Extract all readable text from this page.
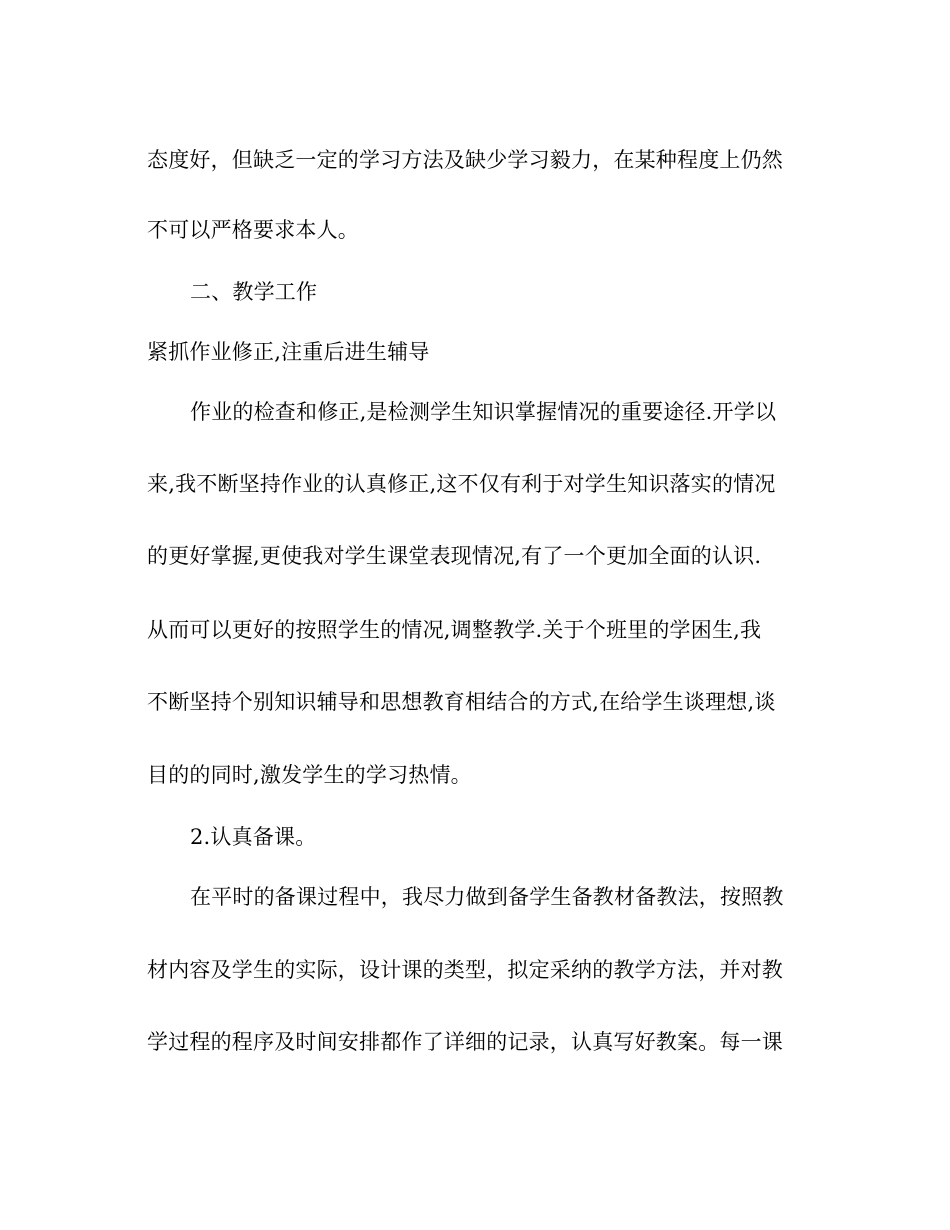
态度好，但缺乏一定的学习方法及缺少学习毅力，在某种程度上仍然
不可以严格要求本人。
二、教学工作
紧抓作业修正,注重后进生辅导
作业的检查和修正,是检测学生知识掌握情况的重要途径.开学以
来,我不断坚持作业的认真修正,这不仅有利于对学生知识落实的情况
的更好掌握,更使我对学生课堂表现情况,有了一个更加全面的认识.
从而可以更好的按照学生的情况,调整教学.关于个班里的学困生,我
不断坚持个别知识辅导和思想教育相结合的方式,在给学生谈理想,谈
目的的同时,激发学生的学习热情。
2.认真备课。
在平时的备课过程中，我尽力做到备学生备教材备教法，按照教
材内容及学生的实际，设计课的类型，拟定采纳的教学方法，并对教
学过程的程序及时间安排都作了详细的记录，认真写好教案。每一课
